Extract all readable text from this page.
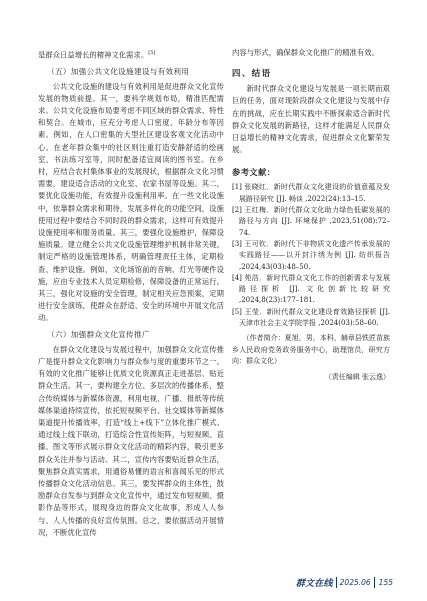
是群众日益增长的精神文化需求。[5]

（五）加强公共文化设施建设与有效利用

公共文化设施的建设与有效利用是促进群众文化宣传发展的物质前提。其一，要科学规划布局，精准匹配需求。公共文化设施布局要考虑不同区域的群众需求、特性和契合。在城市，应充分考虑人口密度、年龄分布等因素。例如，在人口密集的大型社区建设客观文化活动中心。在老年群众集中的社区则注重打造安静舒适的绘画室、书法练习室等，同时配备适宜阅读的图书室。在乡村，应结合农村集体事业的发展现状，根据群众文化习惯需要，建设适合活动的文化室、农家书屋等设施。其二，要优化设施功能，有效提升设施利用率。在一些文化设施中，依靠群众需求和期待，发展多样化的功能空间，设施使用过程中要结合不同时段的群众需求，这样可有效提升设施使用率和服务质量。其三，要强化设施维护，保障设施质量。建立健全公共文化设施管理维护机制非常关键。制定严格的设施管理体系，明确管理责任主体，定期检查、维护设施。例如，文化场馆前的音响、灯光等硬件设施，应由专业技术人员定期检修，保障设备的正常运行。其三，强化对设施的安全管理，制定相关应急预案，定期进行安全演练，使群众在舒适、安全的环境中开展文化活动。

（六）加强群众文化宣传推广

在群众文化建设与发展过程中，加强群众文化宣传推广是提升群众文化影响力与群众参与度的重要环节之一。有效的文化推广能够让优质文化资源真正走进基层、贴近群众生活。其一，要构建全方位、多层次的传播体系，整合传统媒体与新媒体资源，利用电视、广播、报纸等传统媒体渠道持续宣传，依托短视频平台、社交媒体等新媒体渠道提升传播效率，打造“线上+线下”立体化推广模式。通过线上线下联动，打造综合性宣传矩阵，与短视频、直播、图文等形式展示群众文化活动的精彩内容，吸引更多群众关注并参与活动。其二，宣传内容要贴近群众生活，聚焦群众真实需求，用通俗易懂的语言和喜闻乐见的形式传播群众文化活动信息。其三，要发挥群众的主体性，鼓励群众自发参与到群众文化宣传中，通过发布短视频、摄影作品等形式，展现身边的群众文化故事，形成人人参与、人人传播的良好宣传氛围。总之，要依据活动开展情况，不断优化宣传

内容与形式，确保群众文化推广的精准有效。

四、结语

新时代群众文化建设与发展是一项长期而艰巨的任务，面对现阶段群众文化建设与发展中存在的挑战，应在长期实践中不断探索适合新时代群众文化发展的新路径，这样才能满足人民群众日益增长的精神文化需求，促进群众文化繁荣发展。

参考文献：
[1] 张晓红．新时代群众文化建设的价值意蕴及发展路径研究 [J]. 畅谈 ,2022(24):13–15.
[2] 王红梅．新时代群众文化助力绿色低碳发展的路径与方向 [J]. 环境保护 ,2023,51(08):72–74.
[3] 王可钦．新时代下非物质文化遗产传承发展的实践路径——以开封汴绣为例 [J]. 纺织报告 ,2024,43(03):48–50.
[4] 苑浩．新时代群众文化工作的创新需求与发展路径探析 [J]. 文化创新比较研究 ,2024,8(23):177–181.
[5] 王莹．新时代群众文化建设育效路径探析 [J]. 天津市社会主义学院学报 ,2024(03):58–60.

（作者简介：夏旭，男，本科，赫章县铁匠苗族乡人民政府党务政务服务中心，助理馆员，研究方向：群众文化）

（责任编辑 张云逸）

群文在线 2025.06 155
